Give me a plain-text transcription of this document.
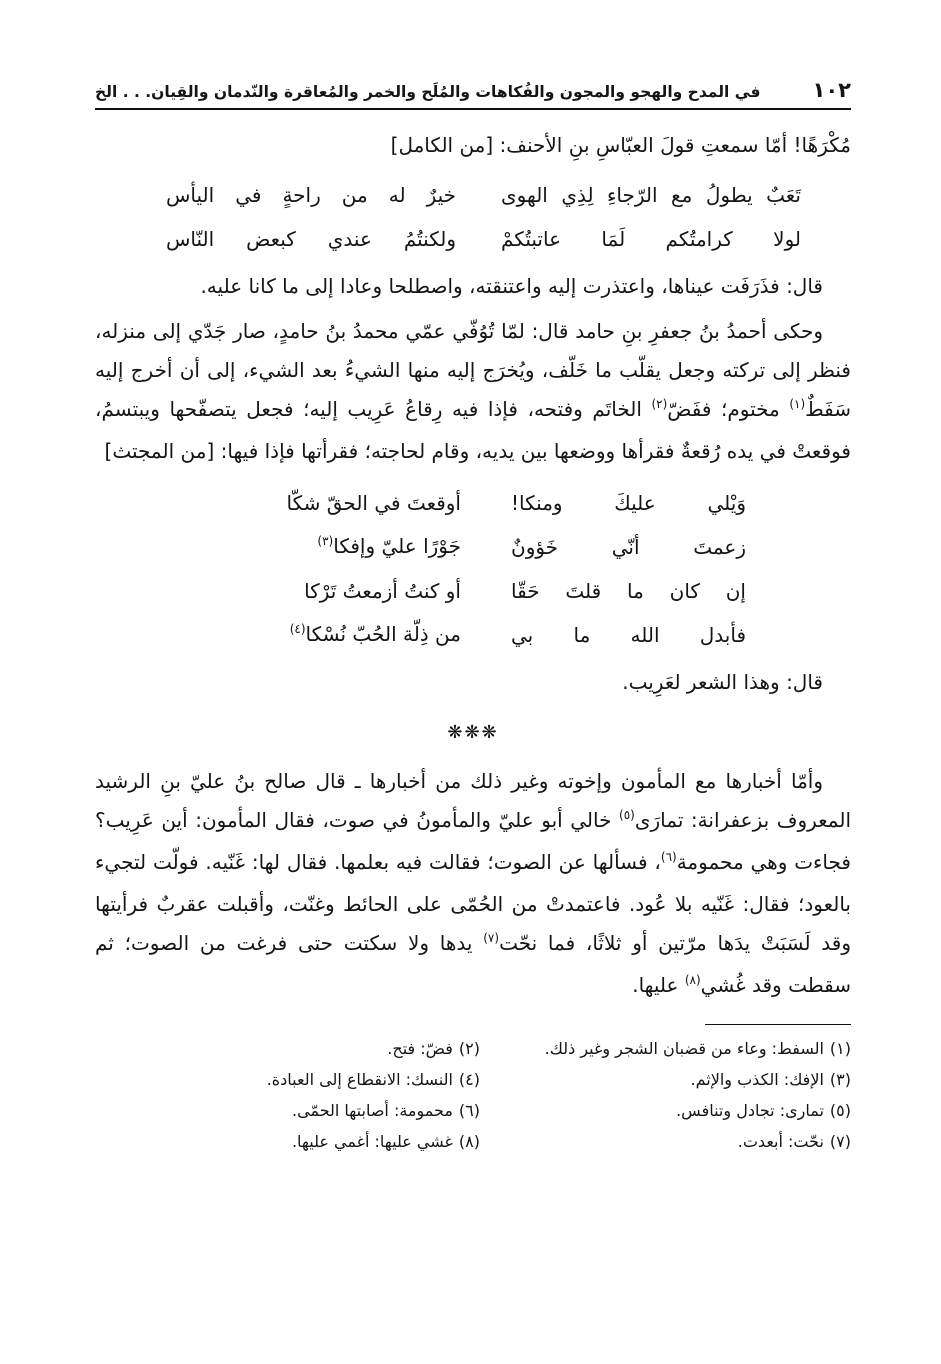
١٠٢
في المدح والهجو والمجون والفُكاهات والمُلَح والخمر والمُعاقرة والنّدمان والقِيان. . . الخ

مُكْرَهًا! أمّا سمعتِ قولَ العبّاسِ بنِ الأحنف: [من الكامل]

تَعَبٌ يطولُ مع الرّجاءِ لِذِي الهوى
خيرٌ له من راحةٍ في اليأس
لولا كرامتُكم لَمَا عاتبتُكمْ
ولكنتُمُ عندي كبعض النّاس

قال: فذَرَفَت عيناها، واعتذرت إليه واعتنقته، واصطلحا وعادا إلى ما كانا عليه.

وحكى أحمدُ بنُ جعفرِ بنِ حامد قال: لمّا تُوُفّي عمّي محمدُ بنُ حامدٍ، صار جَدّي إلى منزله، فنظر إلى تركته وجعل يقلّب ما خَلّف، ويُخرَج إليه منها الشيءُ بعد الشيء، إلى أن أخرج إليه سَفَطٌ$^{(١)}$ مختوم؛ ففَضّ$^{(٢)}$ الخاتَم وفتحه، فإذا فيه رِقاعُ عَرِيب إليه؛ فجعل يتصفّحها ويبتسمُ، فوقعتْ في يده رُقعةٌ فقرأها ووضعها بين يديه، وقام لحاجته؛ فقرأتها فإذا فيها: [من المجتث]

وَيْلي عليكَ ومنكا!
أوقعتَ في الحقّ شكّا
زعمتَ أنّي خَؤونٌ
جَوْرًا عليّ وإفكا$^{(٣)}$
إن كان ما قلتَ حَقّا
أو كنتُ أزمعتُ تَرْكا
فأبدل الله ما بي
من ذِلّة الحُبّ نُسْكا$^{(٤)}$

قال: وهذا الشعر لعَرِيب.

❋❋❋

وأمّا أخبارها مع المأمون وإخوته وغير ذلك من أخبارها ـ قال صالح بنُ عليّ بنِ الرشيد المعروف بزعفرانة: تمارَى$^{(٥)}$ خالي أبو عليّ والمأمونُ في صوت، فقال المأمون: أين عَرِيب؟ فجاءت وهي محمومة$^{(٦)}$، فسألها عن الصوت؛ فقالت فيه بعلمها. فقال لها: غَنّيه. فولّت لتجيء بالعود؛ فقال: غَنّيه بلا عُود. فاعتمدتْ من الحُمّى على الحائط وغنّت، وأقبلت عقربٌ فرأيتها وقد لَسَبَتْ يدَها مرّتين أو ثلاثًا، فما نحّت$^{(٧)}$ يدها ولا سكتت حتى فرغت من الصوت؛ ثم سقطت وقد غُشي$^{(٨)}$ عليها.

(١)السفط: وعاء من قضبان الشجر وغير ذلك.
(٢)فضّ: فتح.
(٣)الإفك: الكذب والإثم.
(٤)النسك: الانقطاع إلى العبادة.
(٥)تمارى: تجادل وتنافس.
(٦)محمومة: أصابتها الحمّى.
(٧)نحّت: أبعدت.
(٨)غشي عليها: أغمي عليها.
